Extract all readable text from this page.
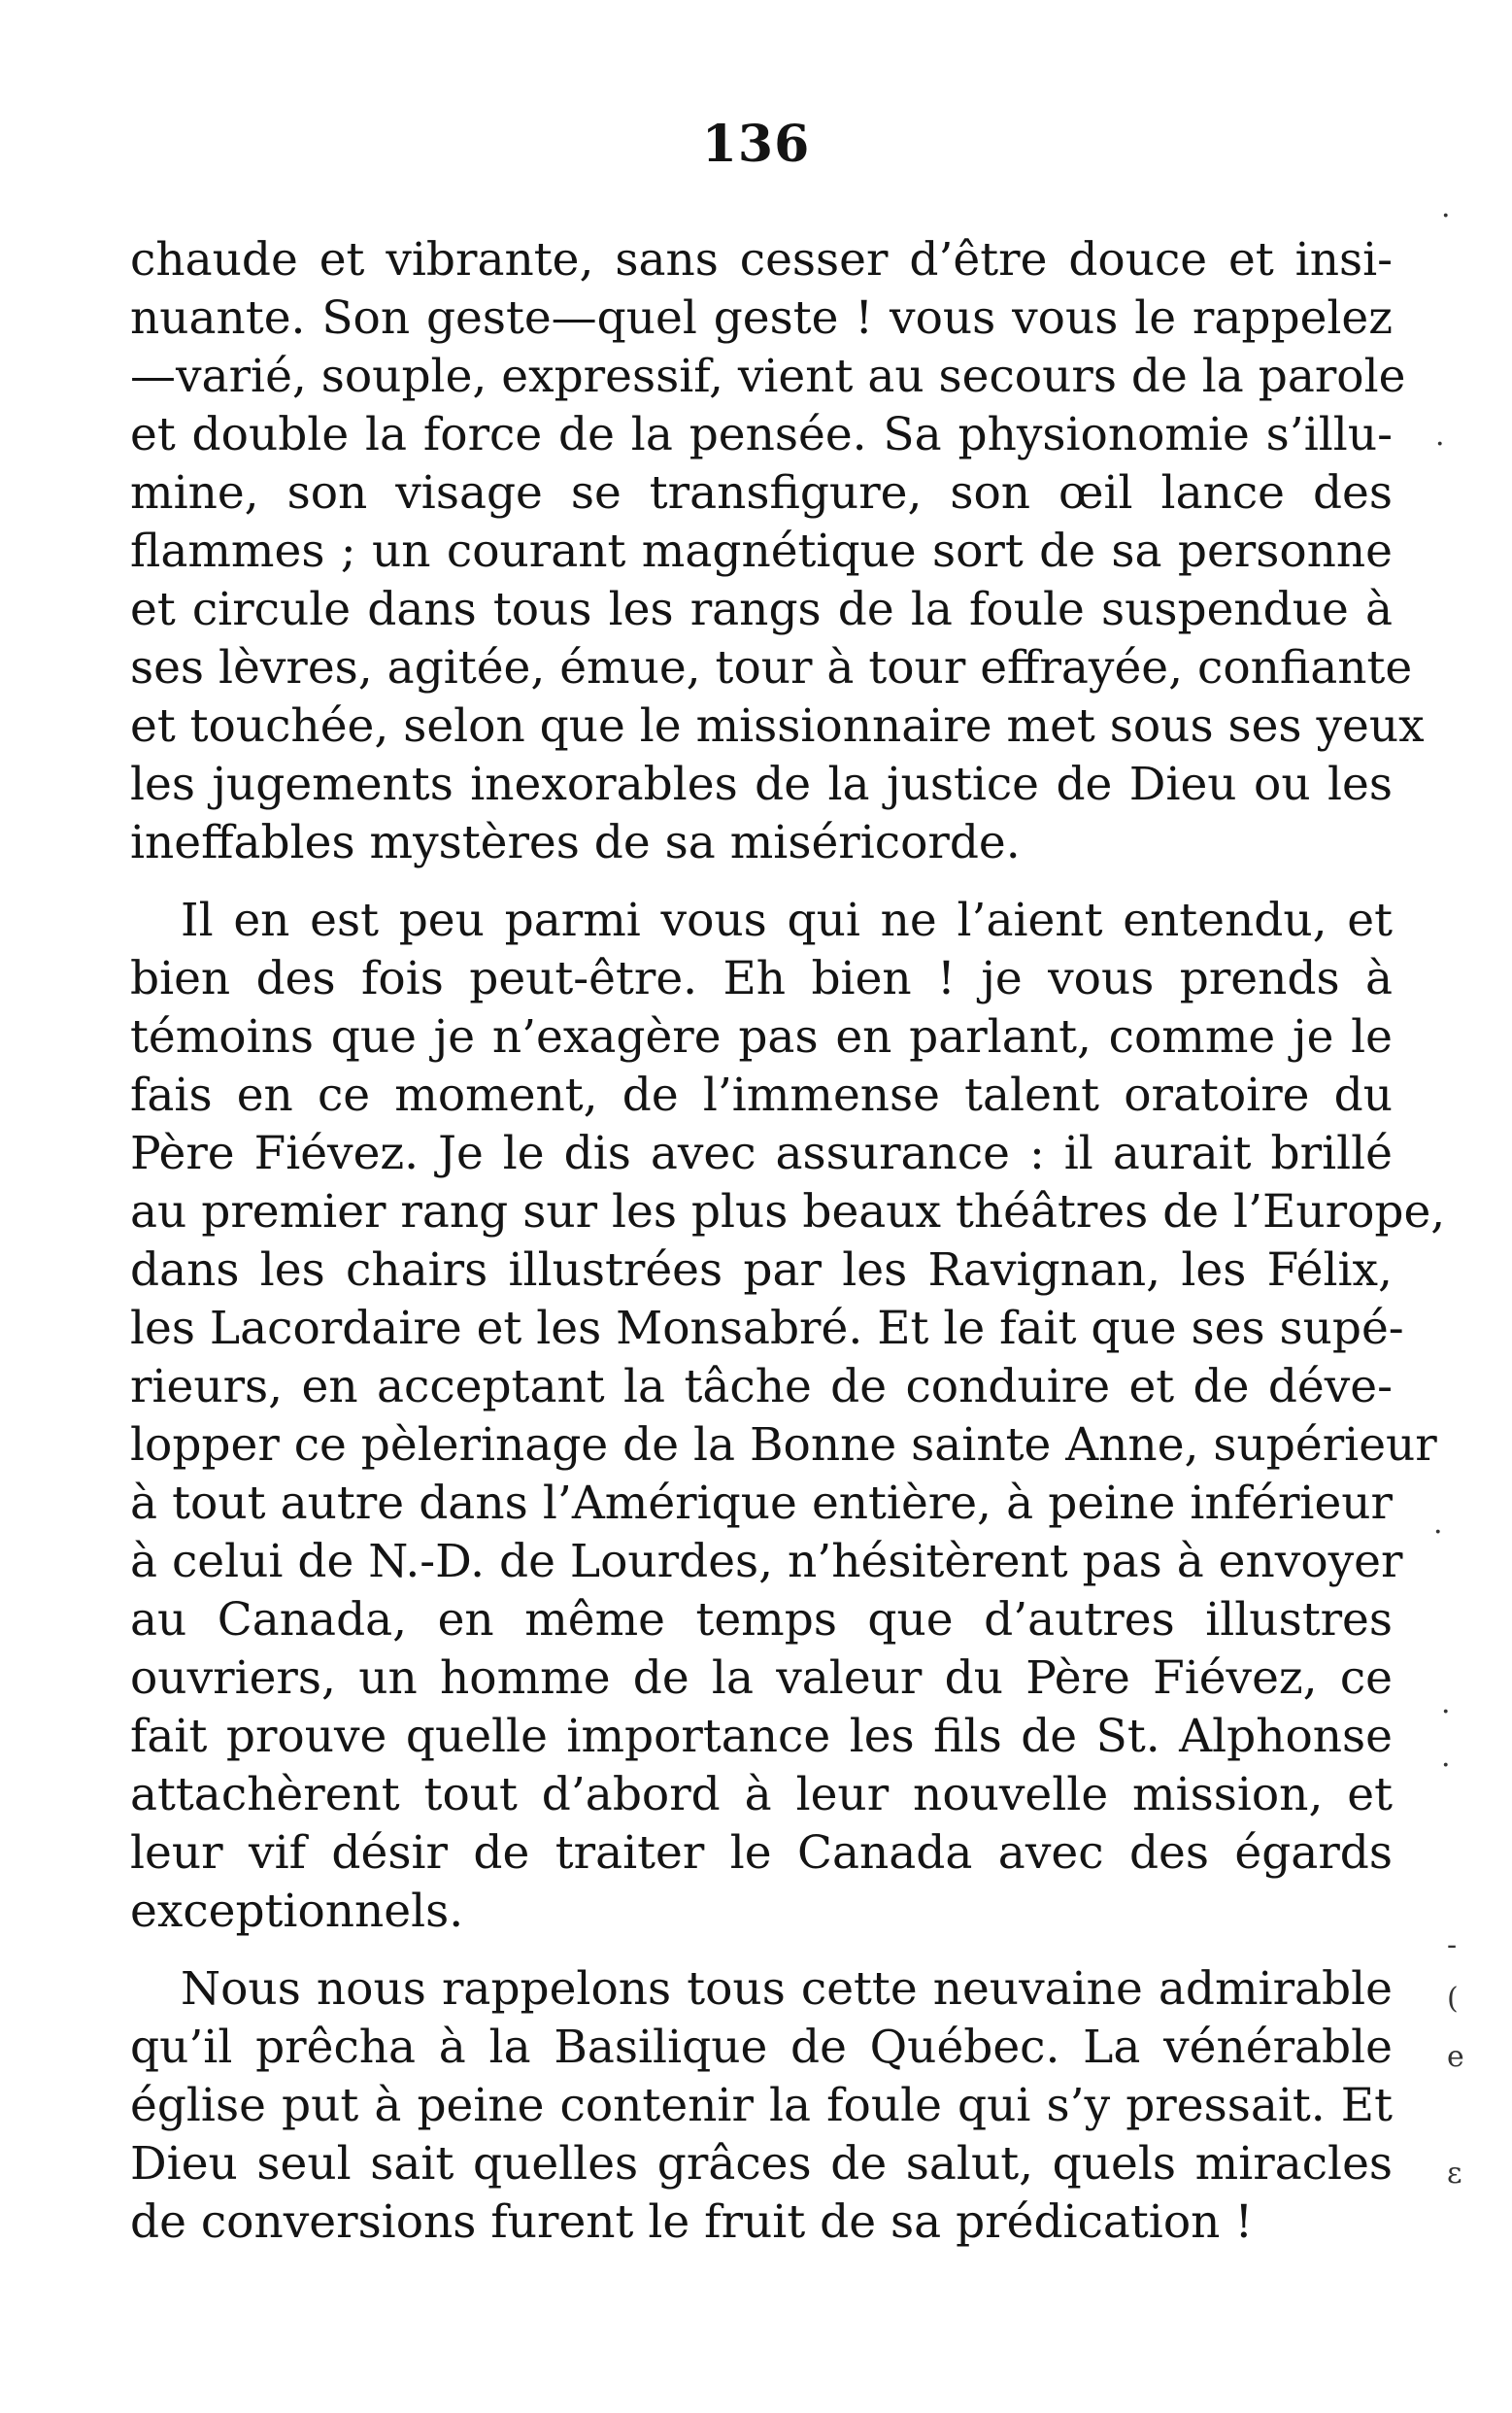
136
chaude et vibrante, sans cesser d’être douce et insi-
nuante. Son geste—quel geste ! vous vous le rappelez
—varié, souple, expressif, vient au secours de la parole
et double la force de la pensée. Sa physionomie s’illu-
mine, son visage se transfigure, son œil lance des
flammes ; un courant magnétique sort de sa personne
et circule dans tous les rangs de la foule suspendue à
ses lèvres, agitée, émue, tour à tour effrayée, confiante
et touchée, selon que le missionnaire met sous ses yeux
les jugements inexorables de la justice de Dieu ou les
ineffables mystères de sa miséricorde.
Il en est peu parmi vous qui ne l’aient entendu, et
bien des fois peut-être. Eh bien ! je vous prends à
témoins que je n’exagère pas en parlant, comme je le
fais en ce moment, de l’immense talent oratoire du
Père Fiévez. Je le dis avec assurance : il aurait brillé
au premier rang sur les plus beaux théâtres de l’Europe,
dans les chairs illustrées par les Ravignan, les Félix,
les Lacordaire et les Monsabré. Et le fait que ses supé-
rieurs, en acceptant la tâche de conduire et de déve-
lopper ce pèlerinage de la Bonne sainte Anne, supérieur
à tout autre dans l’Amérique entière, à peine inférieur
à celui de N.-D. de Lourdes, n’hésitèrent pas à envoyer
au Canada, en même temps que d’autres illustres
ouvriers, un homme de la valeur du Père Fiévez, ce
fait prouve quelle importance les fils de St. Alphonse
attachèrent tout d’abord à leur nouvelle mission, et
leur vif désir de traiter le Canada avec des égards
exceptionnels.
Nous nous rappelons tous cette neuvaine admirable
qu’il prêcha à la Basilique de Québec. La vénérable
église put à peine contenir la foule qui s’y pressait. Et
Dieu seul sait quelles grâces de salut, quels miracles
de conversions furent le fruit de sa prédication !
·
·
·
·
·
-
(
e
ε
